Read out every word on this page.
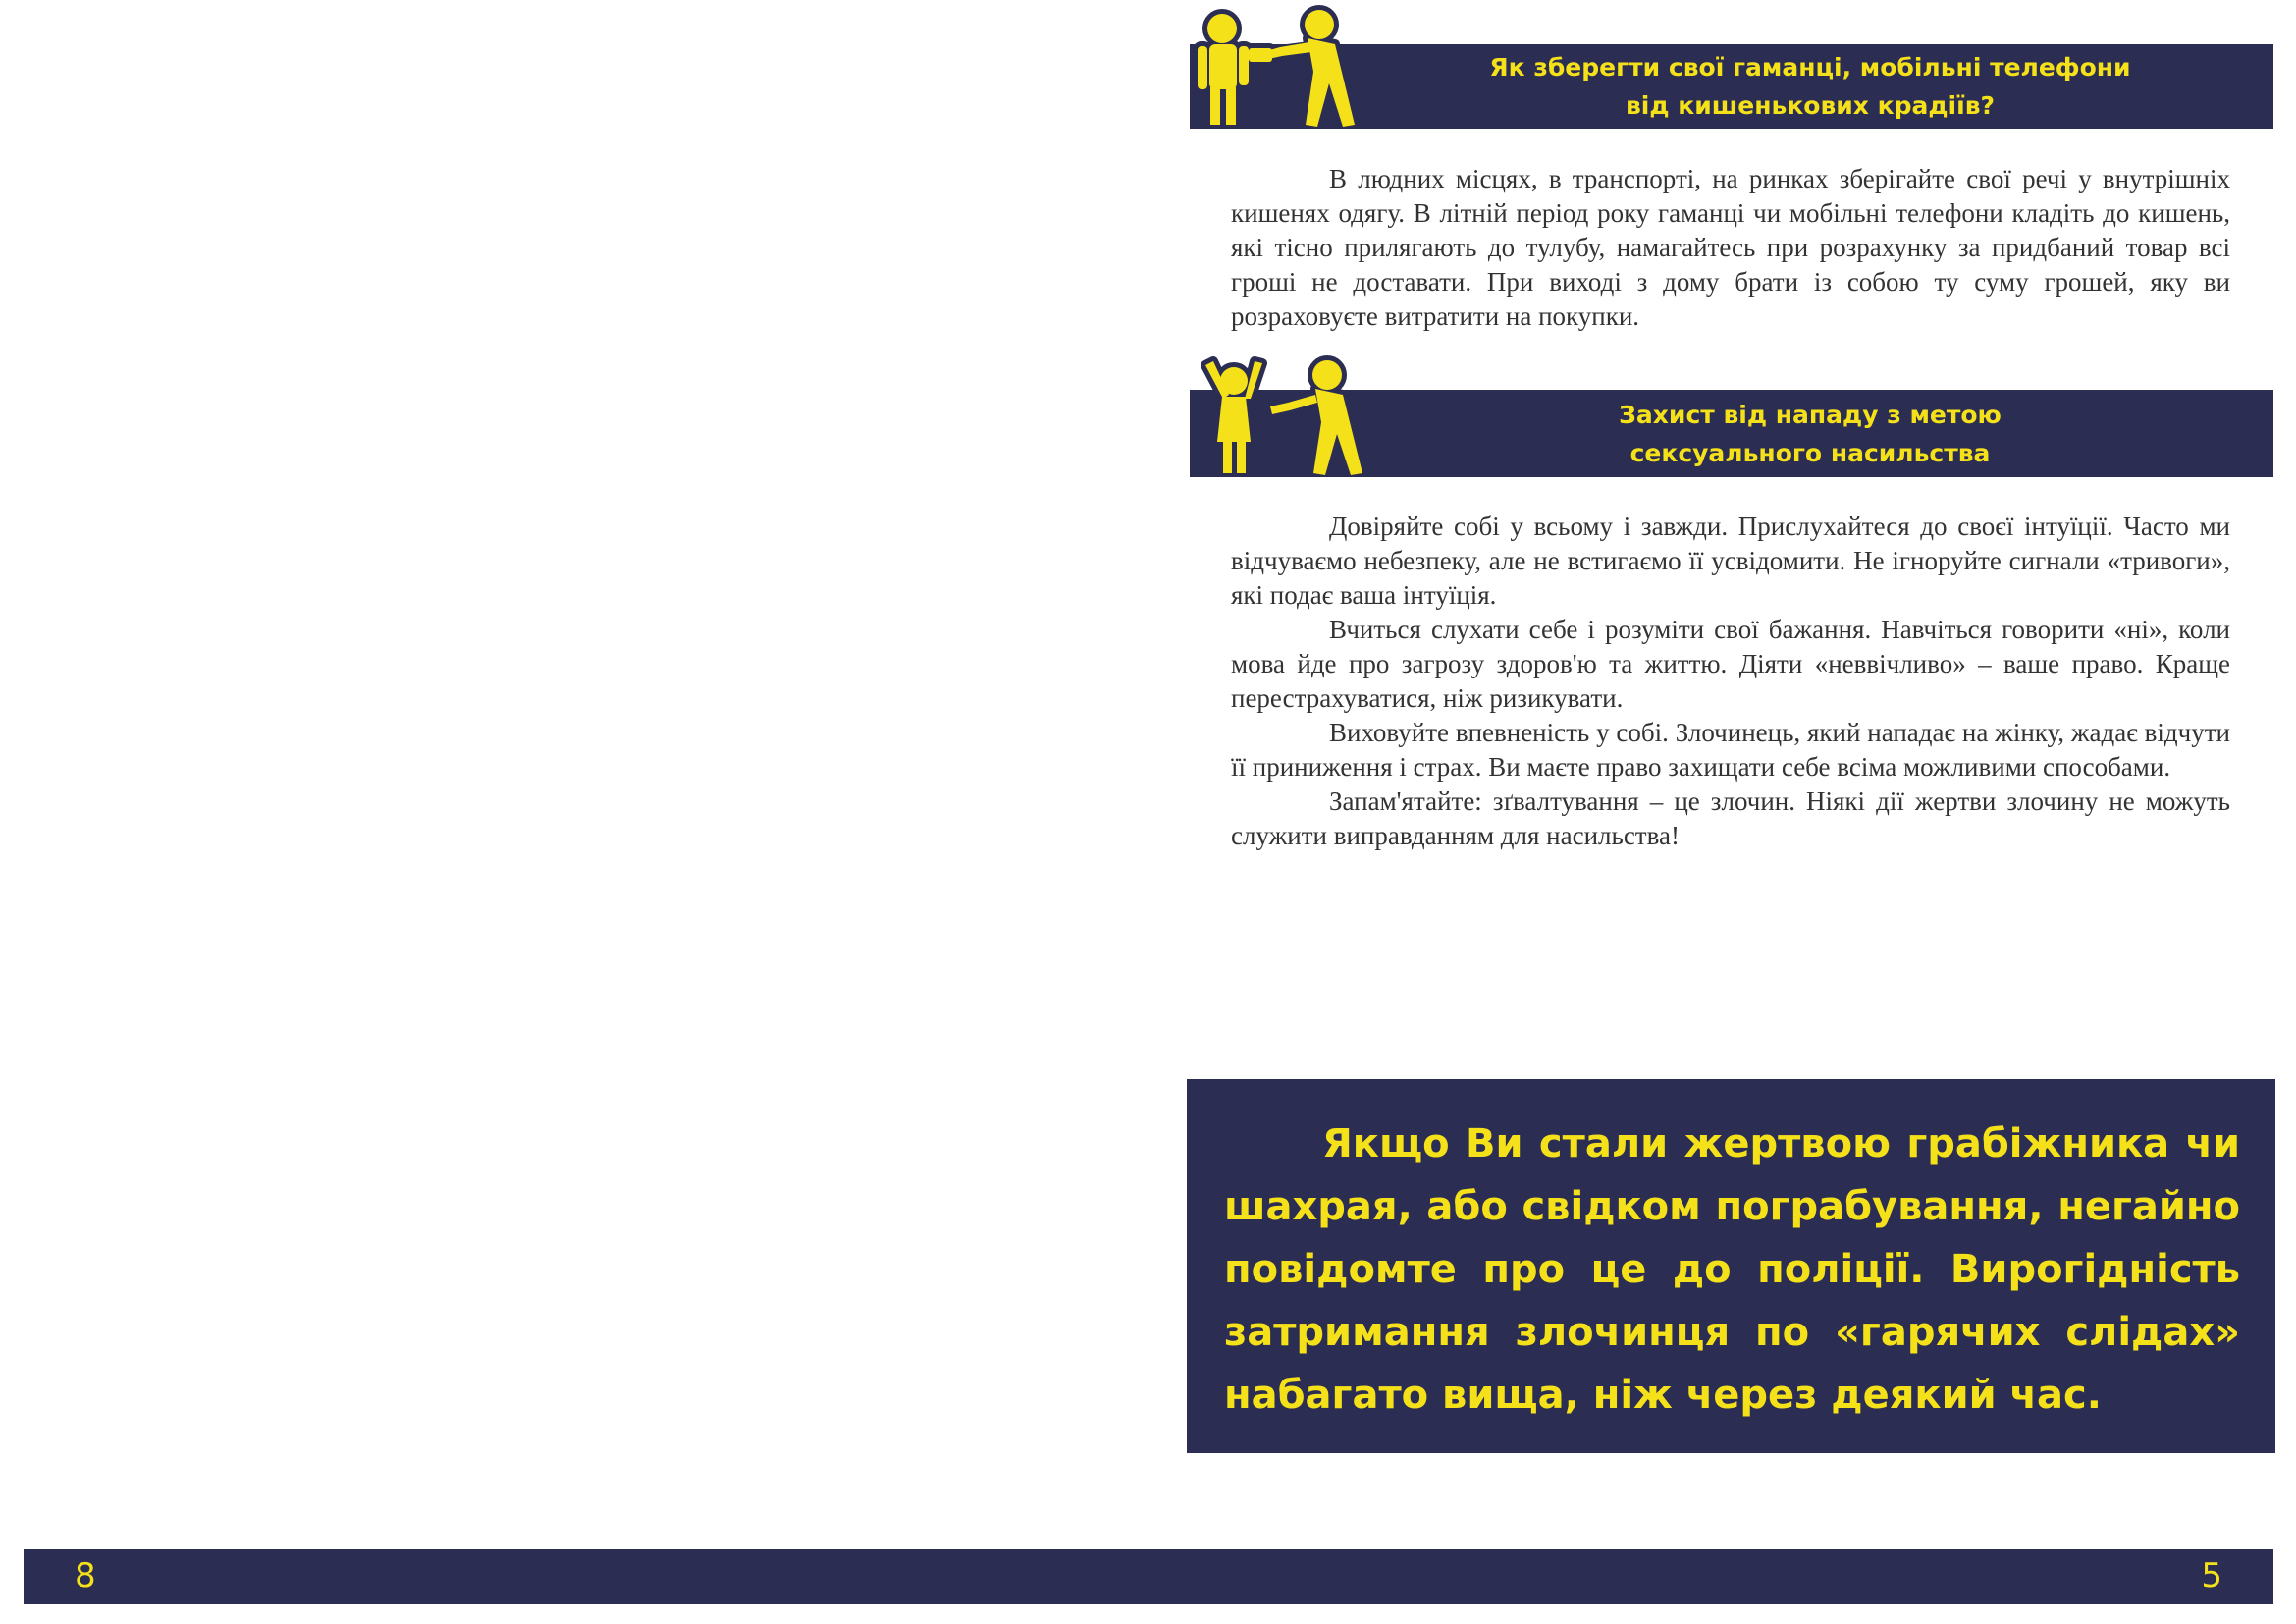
Як зберегти свої гаманці, мобільні телефони
від кишенькових крадіїв?

В людних місцях, в транспорті, на ринках зберігайте свої речі у внутрішніх кишенях одягу. В літній період року гаманці чи мобільні телефони кладіть до кишень, які тісно прилягають до тулубу, намагайтесь при розрахунку за придбаний товар всі гроші не доставати. При виході з дому брати із собою ту суму грошей, яку ви розраховуєте витратити на покупки.

Захист від нападу з метою
сексуального насильства

Довіряйте собі у всьому і завжди. Прислухайтеся до своєї інтуїції. Часто ми відчуваємо небезпеку, але не встигаємо її усвідомити. Не ігноруйте сигнали «тривоги», які подає ваша інтуїція.

Вчиться слухати себе і розуміти свої бажання. Навчіться говорити «ні», коли мова йде про загрозу здоров'ю та життю. Діяти «неввічливо» – ваше право. Краще перестрахуватися, ніж ризикувати.

Виховуйте впевненість у собі. Злочинець, який нападає на жінку, жадає відчути її приниження і страх. Ви маєте право захищати себе всіма можливими способами.

Запам'ятайте: зґвалтування – це злочин. Ніякі дії жертви злочину не можуть служити виправданням для насильства!

Якщо Ви стали жертвою грабіжника чи шахрая, або свідком пограбування, негайно повідомте про це до поліції. Вирогідність затримання злочинця по «гарячих слідах» набагато вища, ніж через деякий час.

8	5
